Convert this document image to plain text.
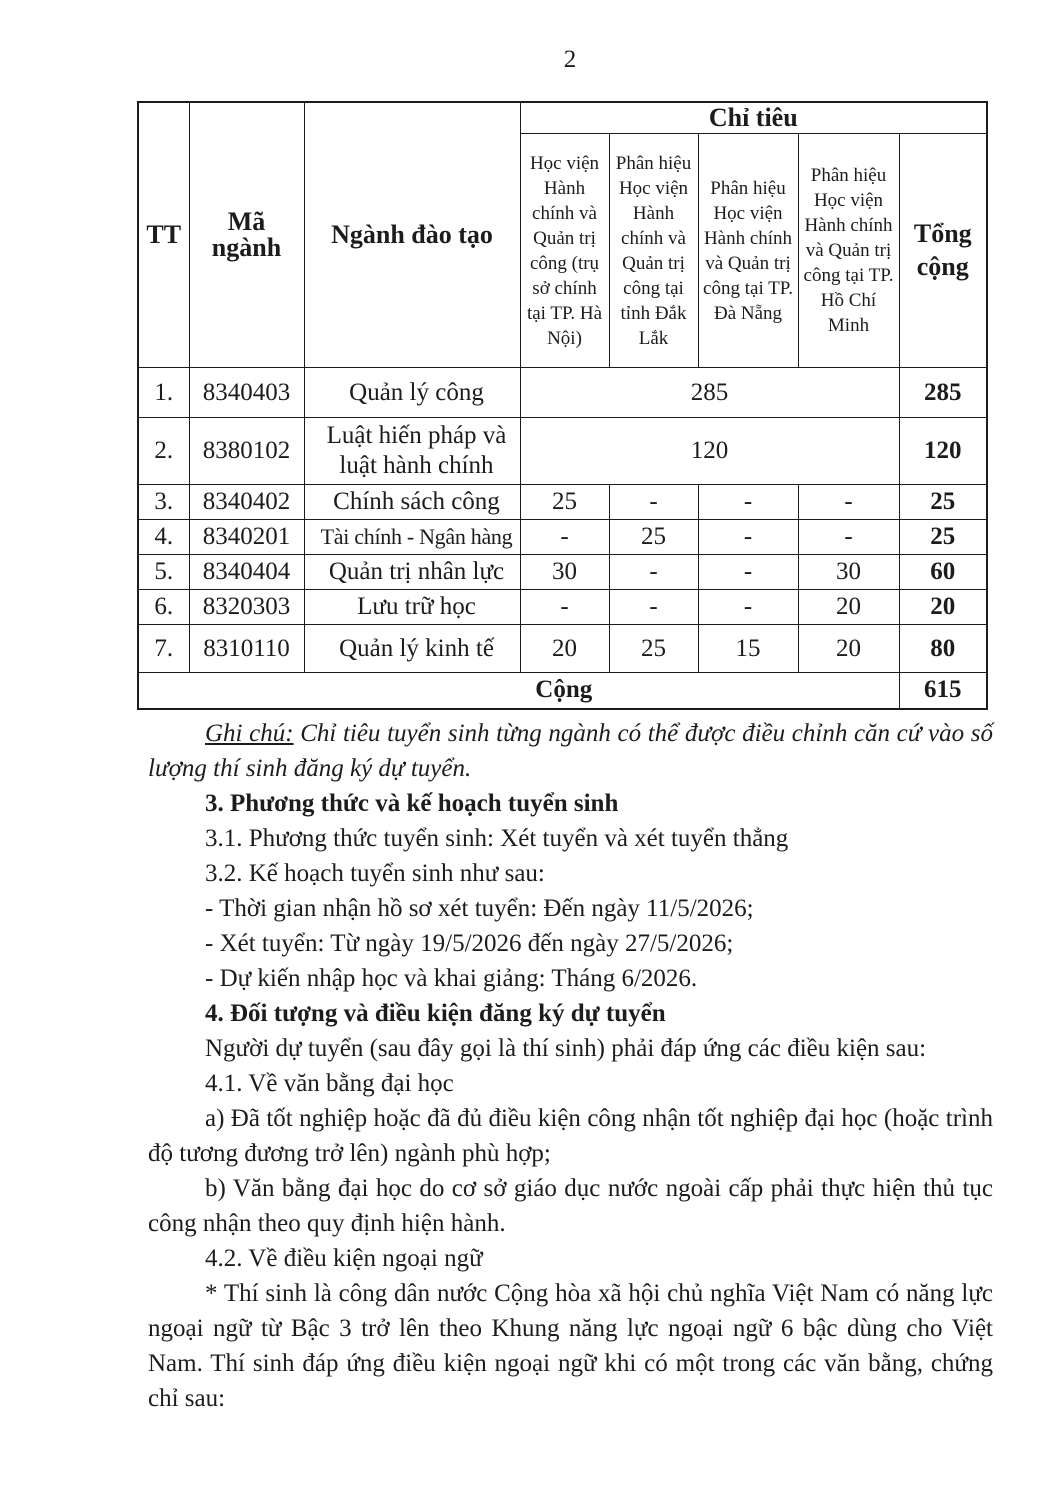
2
TT	Mã ngành	Ngành đào tạo	Chỉ tiêu				
			Học viện Hành chính và Quản trị công (trụ sở chính tại TP. Hà Nội)	Phân hiệu Học viện Hành chính và Quản trị công tại tỉnh Đắk Lắk	Phân hiệu Học viện Hành chính và Quản trị công tại TP. Đà Nẵng	Phân hiệu Học viện Hành chính và Quản trị công tại TP. Hồ Chí Minh	Tổng cộng
1.	8340403	Quản lý công	285				285
2.	8380102	Luật hiến pháp và luật hành chính	120				120
3.	8340402	Chính sách công	25	-	-	-	25
4.	8340201	Tài chính - Ngân hàng	-	25	-	-	25
5.	8340404	Quản trị nhân lực	30	-	-	30	60
6.	8320303	Lưu trữ học	-	-	-	20	20
7.	8310110	Quản lý kinh tế	20	25	15	20	80
Cộng							615

Ghi chú: Chỉ tiêu tuyển sinh từng ngành có thể được điều chỉnh căn cứ vào số lượng thí sinh đăng ký dự tuyển.

3. Phương thức và kế hoạch tuyển sinh

3.1. Phương thức tuyển sinh: Xét tuyển và xét tuyển thẳng

3.2. Kế hoạch tuyển sinh như sau:

- Thời gian nhận hồ sơ xét tuyển: Đến ngày 11/5/2026;

- Xét tuyển: Từ ngày 19/5/2026 đến ngày 27/5/2026;

- Dự kiến nhập học và khai giảng: Tháng 6/2026.

4. Đối tượng và điều kiện đăng ký dự tuyển

Người dự tuyển (sau đây gọi là thí sinh) phải đáp ứng các điều kiện sau:

4.1. Về văn bằng đại học

a) Đã tốt nghiệp hoặc đã đủ điều kiện công nhận tốt nghiệp đại học (hoặc trình độ tương đương trở lên) ngành phù hợp;

b) Văn bằng đại học do cơ sở giáo dục nước ngoài cấp phải thực hiện thủ tục công nhận theo quy định hiện hành.

4.2. Về điều kiện ngoại ngữ

* Thí sinh là công dân nước Cộng hòa xã hội chủ nghĩa Việt Nam có năng lực ngoại ngữ từ Bậc 3 trở lên theo Khung năng lực ngoại ngữ 6 bậc dùng cho Việt Nam. Thí sinh đáp ứng điều kiện ngoại ngữ khi có một trong các văn bằng, chứng chỉ sau:
